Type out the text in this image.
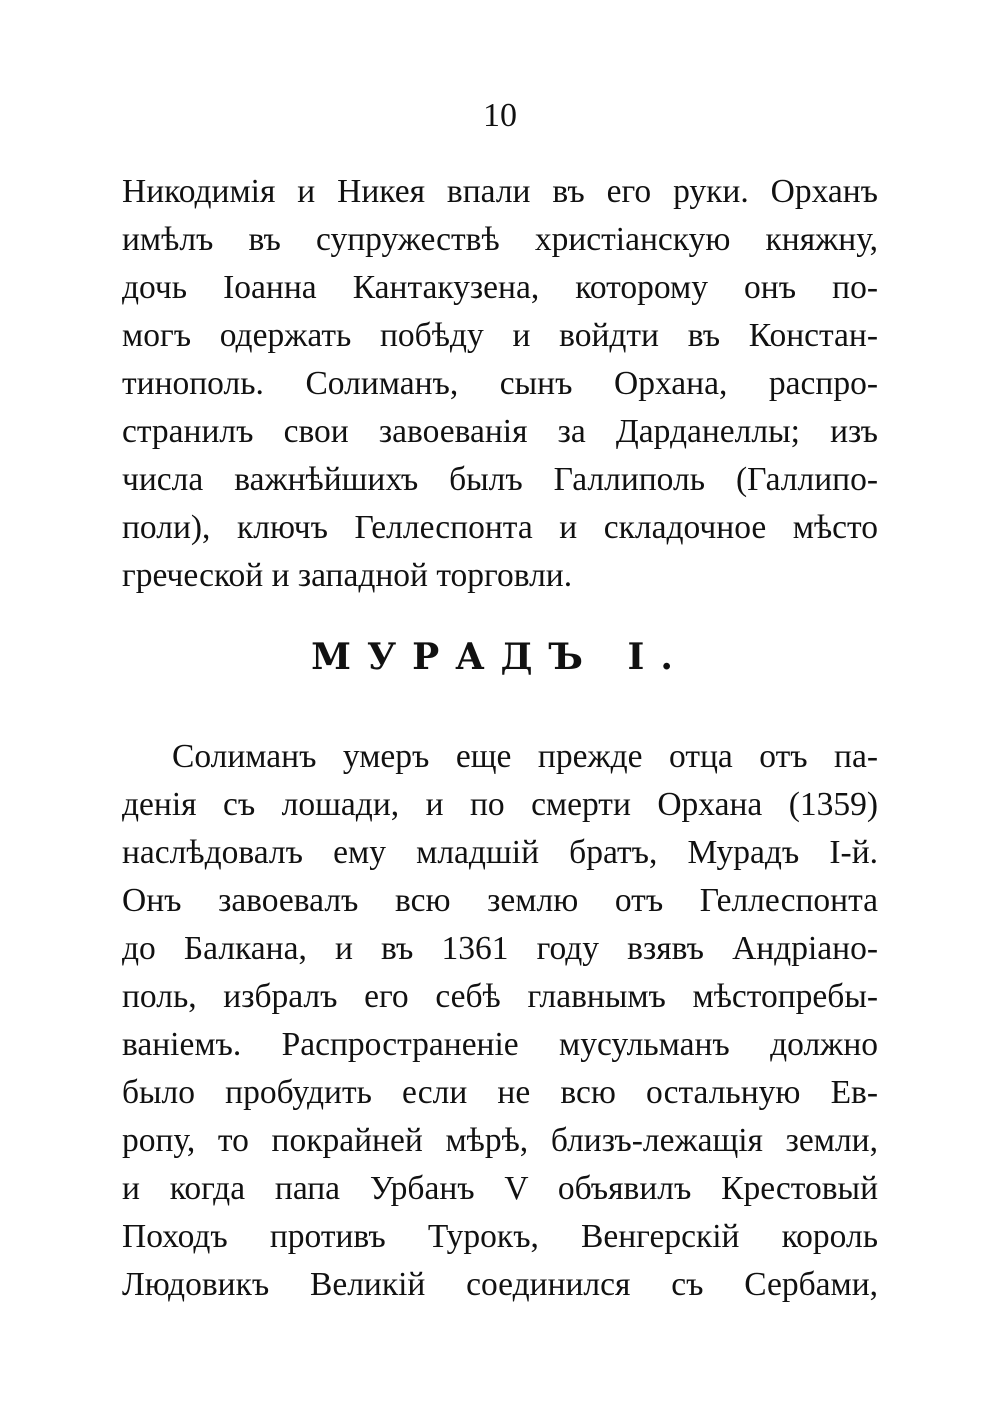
10
Никодимія и Никея впали въ его руки. Орханъ
имѣлъ въ супружествѣ христіанскую княжну,
дочь Іоанна Кантакузена, которому онъ по-
могъ одержать побѣду и войдти въ Констан-
тинополь. Солиманъ, сынъ Орхана, распро-
странилъ свои завоеванія за Дарданеллы; изъ
числа важнѣйшихъ былъ Галлиполь (Галлипо-
поли), ключъ Геллеспонта и складочное мѣсто
греческой и западной торговли.
МУРАДЪ I.
Солиманъ умеръ еще прежде отца отъ па-
денія съ лошади, и по смерти Орхана (1359)
наслѣдовалъ ему младшій братъ, Мурадъ I-й.
Онъ завоевалъ всю землю отъ Геллеспонта
до Балкана, и въ 1361 году взявъ Андріано-
поль, избралъ его себѣ главнымъ мѣстопребы-
ваніемъ. Распространеніе мусульманъ должно
было пробудить если не всю остальную Ев-
ропу, то покрайней мѣрѣ, близъ-лежащія земли,
и когда папа Урбанъ V объявилъ Крестовый
Походъ противъ Турокъ, Венгерскій король
Людовикъ Великій соединился съ Сербами,
